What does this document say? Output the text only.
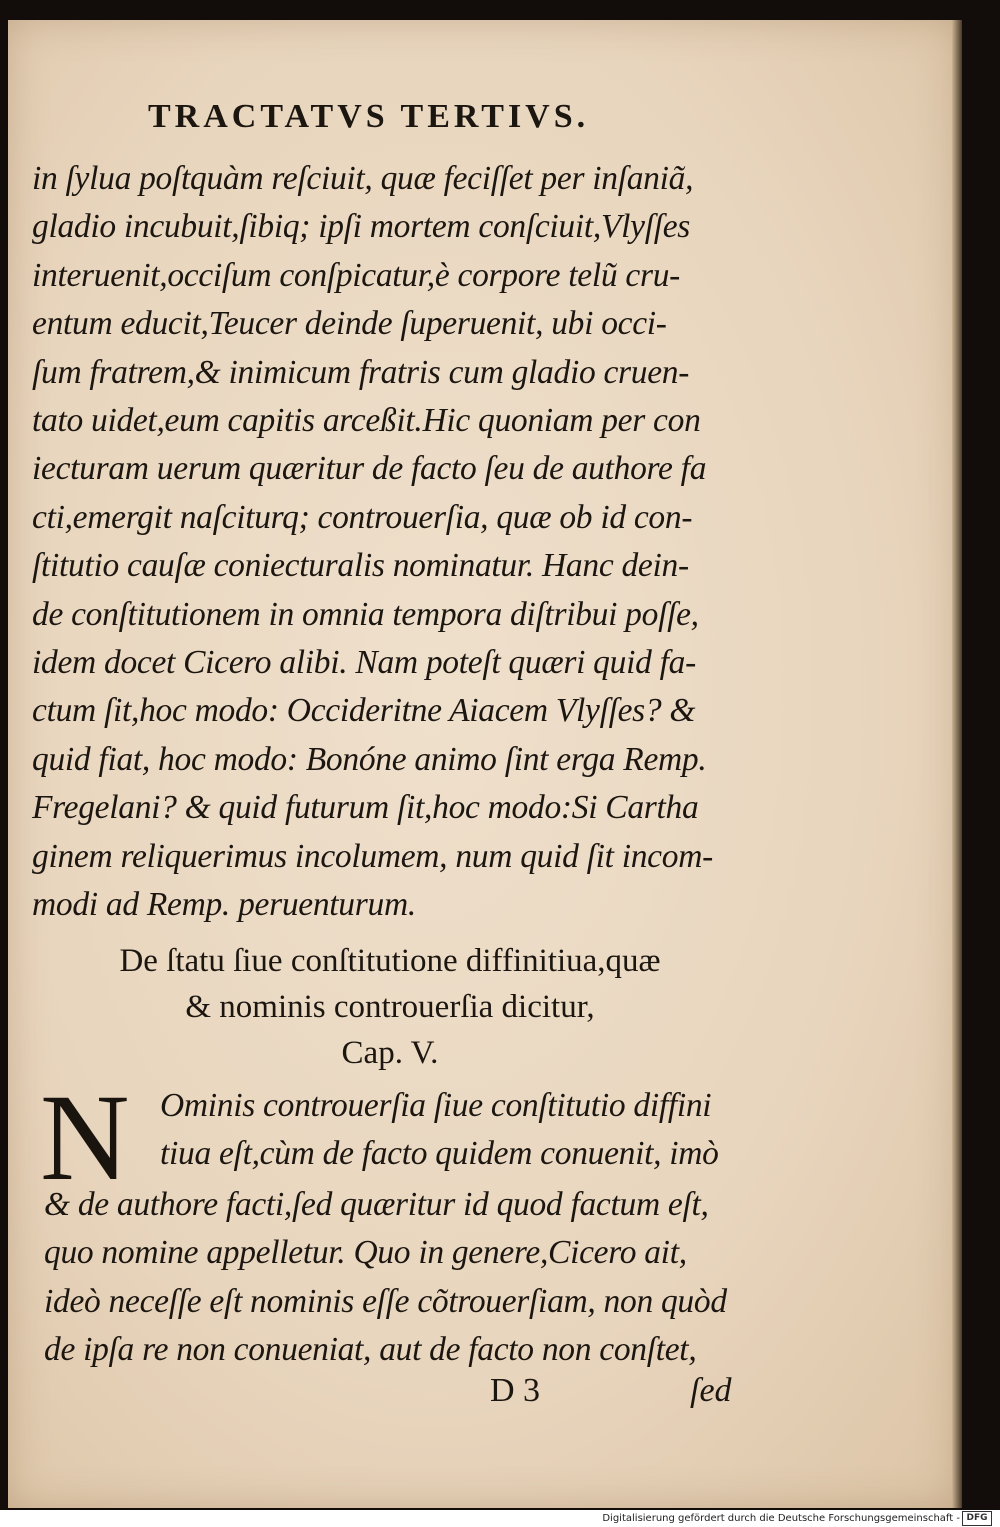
TRACTATVS TERTIVS.
in ſylua poſtquàm reſciuit, quæ feciſſet per inſaniã,
gladio incubuit,ſibiq; ipſi mortem conſciuit,Vlyſſes
interuenit,occiſum conſpicatur,è corpore telũ cru-
entum educit,Teucer deinde ſuperuenit, ubi occi-
ſum fratrem,& inimicum fratris cum gladio cruen-
tato uidet,eum capitis arceßit.Hic quoniam per con
iecturam uerum quæritur de facto ſeu de authore fa
cti,emergit naſciturq; controuerſia, quæ ob id con-
ſtitutio cauſæ coniecturalis nominatur. Hanc dein-
de conſtitutionem in omnia tempora diſtribui poſſe,
idem docet Cicero alibi. Nam poteſt quæri quid fa-
ctum ſit,hoc modo: Occideritne Aiacem Vlyſſes? &
quid fiat, hoc modo: Bonóne animo ſint erga Remp.
Fregelani? & quid futurum ſit,hoc modo:Si Cartha
ginem reliquerimus incolumem, num quid ſit incom-
modi ad Remp. peruenturum.
De ſtatu ſiue conſtitutione diffinitiua,quæ
& nominis controuerſia dicitur,
Cap. V.
N Ominis controuerſia ſiue conſtitutio diffini
tiua eſt,cùm de facto quidem conuenit, imò
& de authore facti,ſed quæritur id quod factum eſt,
quo nomine appelletur. Quo in genere,Cicero ait,
ideò neceſſe eſt nominis eſſe cõtrouerſiam, non quòd
de ipſa re non conueniat, aut de facto non conſtet,
D 3	ſed
Digitalisierung gefördert durch die Deutsche Forschungsgemeinschaft - DFG
